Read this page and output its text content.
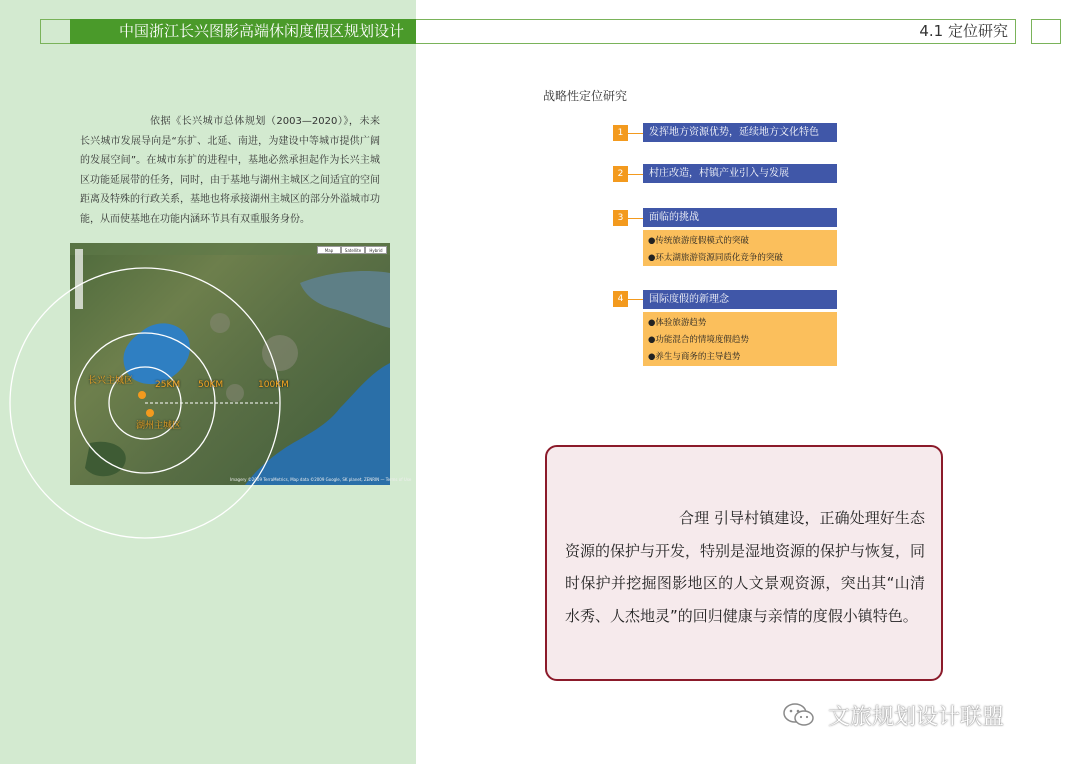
中国浙江长兴图影高端休闲度假区规划设计	4.1 定位研究
依据《长兴城市总体规划（2003—2020）》，未来长兴城市发展导向是“东扩、北延、南进，为建设中等城市提供广阔的发展空间”。在城市东扩的进程中，基地必然承担起作为长兴主城区功能延展带的任务，同时，由于基地与湖州主城区之间适宜的空间距离及特殊的行政关系，基地也将承接湖州主城区的部分外溢城市功能，从而使基地在功能内涵环节具有双重服务身份。
Map	Satellite	Hybrid
长兴主城区
湖州主城区
25KM 50KM	100KM
Imagery ©2009 TerraMetrics, Map data ©2009 Google, SK planet, ZENRIN — Terms of Use
战略性定位研究
1	发挥地方资源优势，延续地方文化特色
2	村庄改造，村镇产业引入与发展
3	面临的挑战
●传统旅游度假模式的突破
●环太湖旅游资源同质化竞争的突破
4	国际度假的新理念
●体验旅游趋势
●功能混合的情境度假趋势
●养生与商务的主导趋势
合理 引导村镇建设，正确处理好生态资源的保护与开发，特别是湿地资源的保护与恢复，同时保护并挖掘图影地区的人文景观资源，突出其“山清水秀、人杰地灵”的回归健康与亲情的度假小镇特色。
文旅规划设计联盟
